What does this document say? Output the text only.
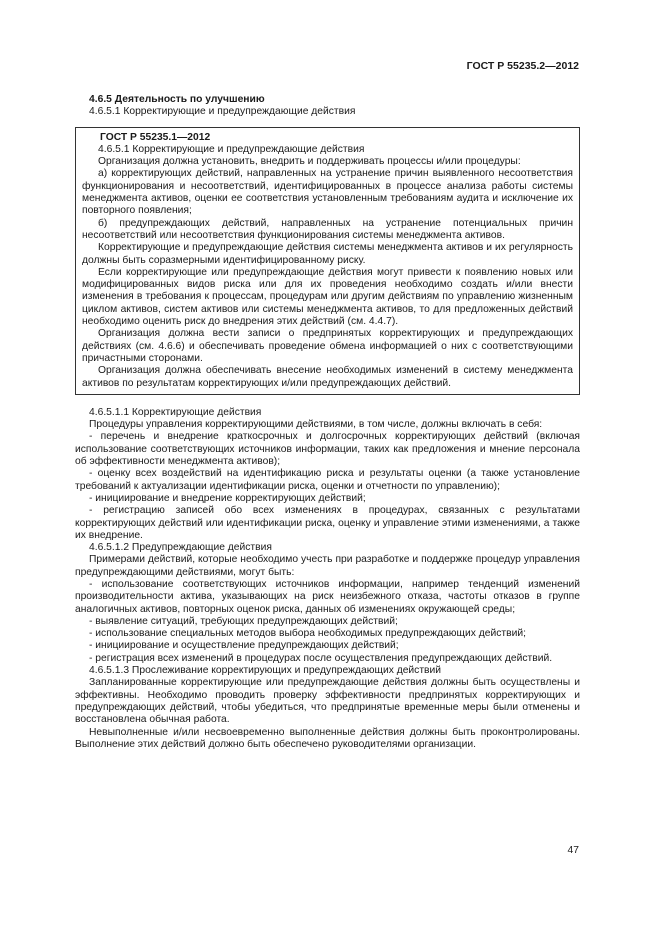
ГОСТ Р 55235.2—2012

4.6.5 Деятельность по улучшению

4.6.5.1 Корректирующие и предупреждающие действия

ГОСТ Р 55235.1—2012

4.6.5.1 Корректирующие и предупреждающие действия

Организация должна установить, внедрить и поддерживать процессы и/или процедуры:

а) корректирующих действий, направленных на устранение причин выявленного несоответствия функционирования и несоответствий, идентифицированных в процессе анализа работы системы менеджмента активов, оценки ее соответствия установленным требованиям аудита и исключение их повторного появления;

б) предупреждающих действий, направленных на устранение потенциальных причин несоответствий или несоответствия функционирования системы менеджмента активов.

Корректирующие и предупреждающие действия системы менеджмента активов и их регулярность должны быть соразмерными идентифицированному риску.

Если корректирующие или предупреждающие действия могут привести к появлению новых или модифицированных видов риска или для их проведения необходимо создать и/или внести изменения в требования к процессам, процедурам или другим действиям по управлению жизненным циклом активов, систем активов или системы менеджмента активов, то для предложенных действий необходимо оценить риск до внедрения этих действий (см. 4.4.7).

Организация должна вести записи о предпринятых корректирующих и предупреждающих действиях (см. 4.6.6) и обеспечивать проведение обмена информацией о них с соответствующими причастными сторонами.

Организация должна обеспечивать внесение необходимых изменений в систему менеджмента активов по результатам корректирующих и/или предупреждающих действий.

4.6.5.1.1 Корректирующие действия

Процедуры управления корректирующими действиями, в том числе, должны включать в себя:

- перечень и внедрение краткосрочных и долгосрочных корректирующих действий (включая использование соответствующих источников информации, таких как предложения и мнение персонала об эффективности менеджмента активов);

- оценку всех воздействий на идентификацию риска и результаты оценки (а также установление требований к актуализации идентификации риска, оценки и отчетности по управлению);

- инициирование и внедрение корректирующих действий;

- регистрацию записей обо всех изменениях в процедурах, связанных с результатами корректирующих действий или идентификации риска, оценку и управление этими изменениями, а также их внедрение.

4.6.5.1.2 Предупреждающие действия

Примерами действий, которые необходимо учесть при разработке и поддержке процедур управления предупреждающими действиями, могут быть:

- использование соответствующих источников информации, например тенденций изменений производительности актива, указывающих на риск неизбежного отказа, частоты отказов в группе аналогичных активов, повторных оценок риска, данных об изменениях окружающей среды;

- выявление ситуаций, требующих предупреждающих действий;

- использование специальных методов выбора необходимых предупреждающих действий;

- инициирование и осуществление предупреждающих действий;

- регистрация всех изменений в процедурах после осуществления предупреждающих действий.

4.6.5.1.3 Прослеживание корректирующих и предупреждающих действий

Запланированные корректирующие или предупреждающие действия должны быть осуществлены и эффективны. Необходимо проводить проверку эффективности предпринятых корректирующих и предупреждающих действий, чтобы убедиться, что предпринятые временные меры были отменены и восстановлена обычная работа.

Невыполненные и/или несвоевременно выполненные действия должны быть проконтролированы. Выполнение этих действий должно быть обеспечено руководителями организации.

47
